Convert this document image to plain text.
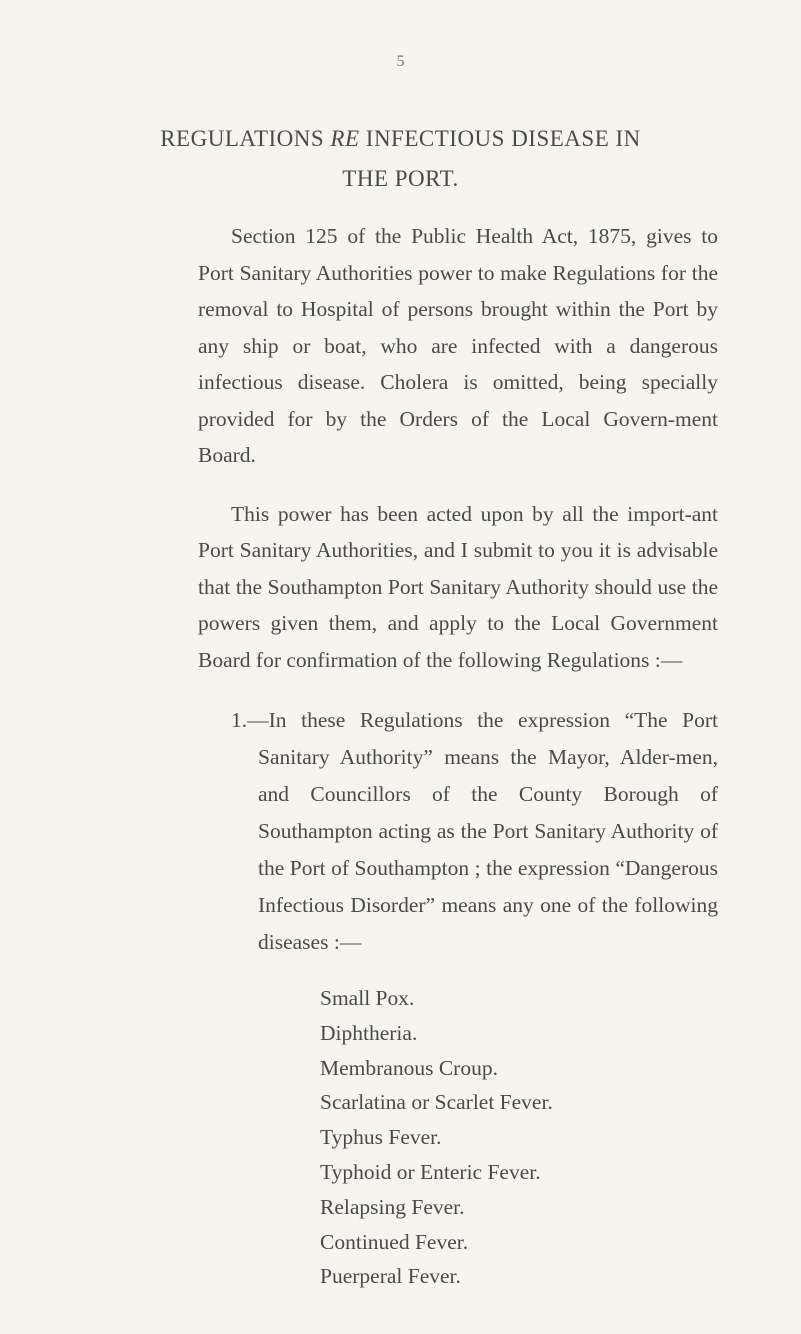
5
REGULATIONS RE INFECTIOUS DISEASE IN
THE PORT.

Section 125 of the Public Health Act, 1875, gives to Port Sanitary Authorities power to make Regulations for the removal to Hospital of persons brought within the Port by any ship or boat, who are infected with a dangerous infectious disease. Cholera is omitted, being specially provided for by the Orders of the Local Govern-ment Board.

This power has been acted upon by all the import-ant Port Sanitary Authorities, and I submit to you it is advisable that the Southampton Port Sanitary Authority should use the powers given them, and apply to the Local Government Board for confirmation of the following Regulations :—

1.—In these Regulations the expression “The Port Sanitary Authority” means the Mayor, Alder-men, and Councillors of the County Borough of Southampton acting as the Port Sanitary Authority of the Port of Southampton ; the expression “Dangerous Infectious Disorder” means any one of the following diseases :—

Small Pox.
Diphtheria.
Membranous Croup.
Scarlatina or Scarlet Fever.
Typhus Fever.
Typhoid or Enteric Fever.
Relapsing Fever.
Continued Fever.
Puerperal Fever.
